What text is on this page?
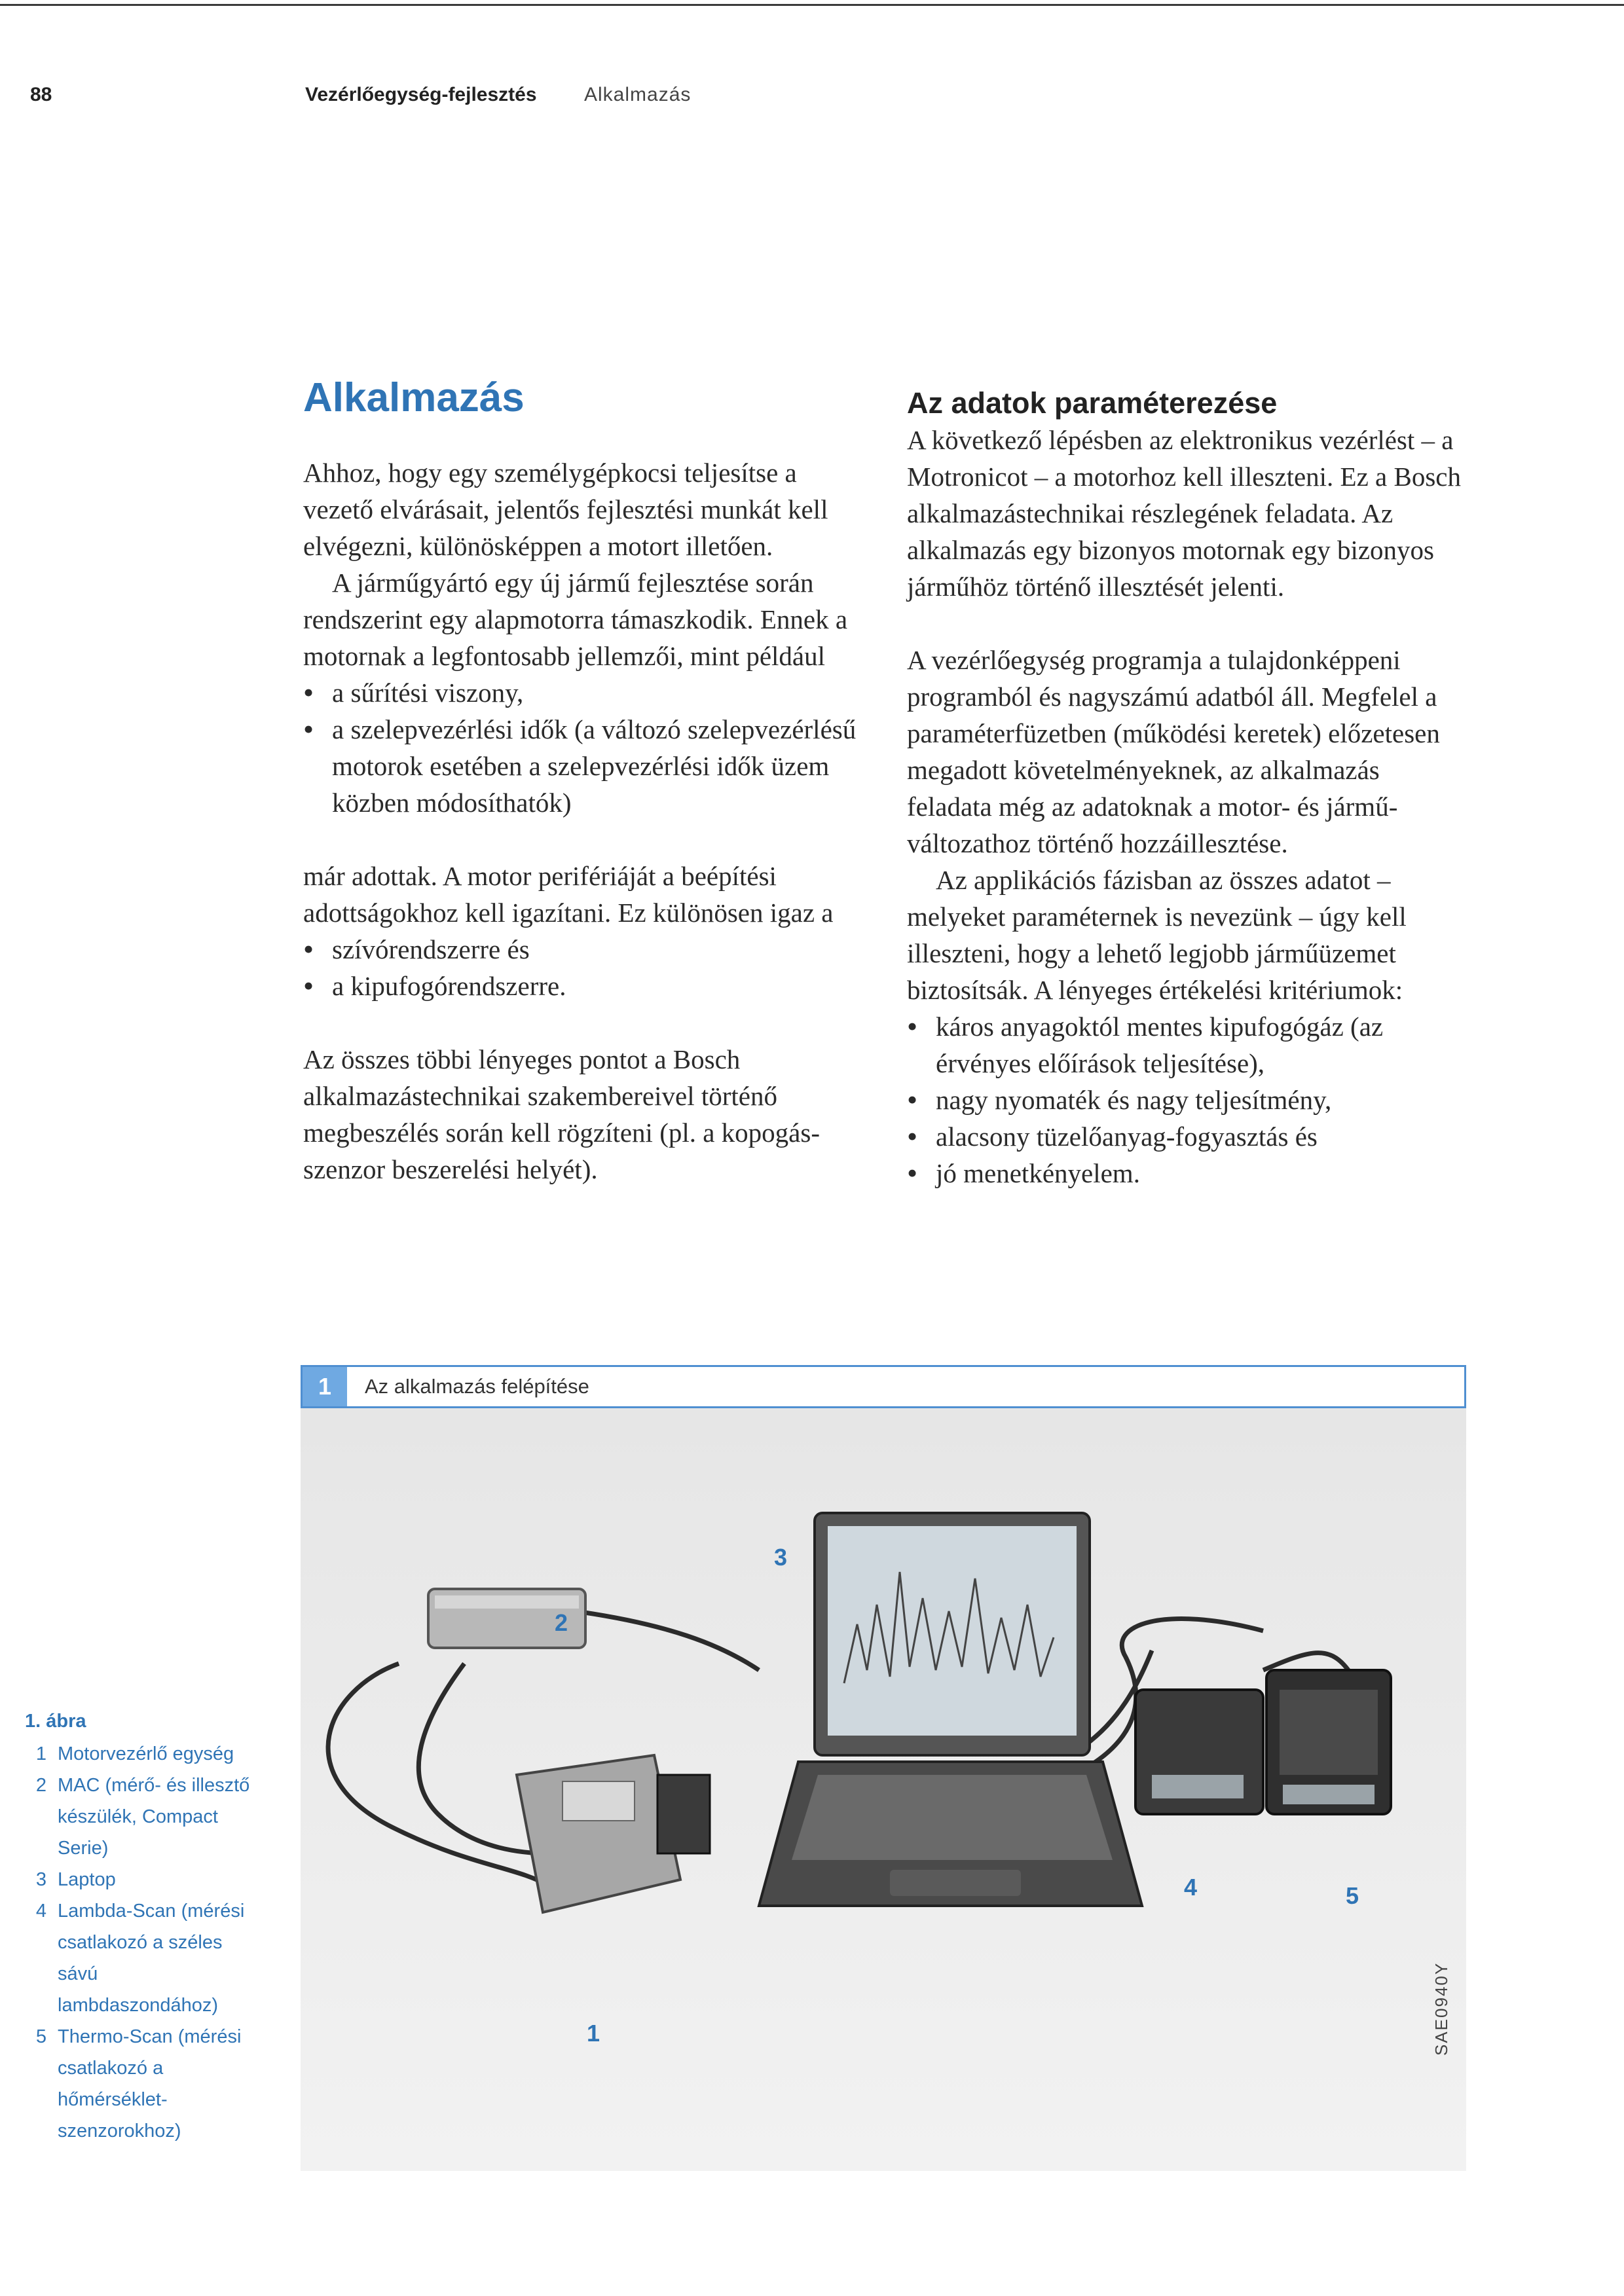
88	Vezérlőegység-fejlesztés Alkalmazás
Alkalmazás

Ahhoz, hogy egy személygépkocsi teljesítse a vezető elvárásait, jelentős fejlesztési munkát kell elvégezni, különösképpen a motort illetően.

A járműgyártó egy új jármű fejlesztése során rendszerint egy alapmotorra támaszkodik. Ennek a motornak a legfontosabb jellemzői, mint például

• a sűrítési viszony,
• a szelepvezérlési idők (a változó szelepvezérlésű motorok esetében a szelepvezérlési idők üzem közben módosíthatók)

már adottak. A motor perifériáját a beépítési adottságokhoz kell igazítani. Ez különösen igaz a

• szívórendszerre és
• a kipufogórendszerre.

Az összes többi lényeges pontot a Bosch alkalmazástechnikai szakembereivel történő megbeszélés során kell rögzíteni (pl. a kopogás-szenzor beszerelési helyét).

Az adatok paraméterezése

A következő lépésben az elektronikus vezérlést – a Motronicot – a motorhoz kell illeszteni. Ez a Bosch alkalmazástechnikai részlegének feladata. Az alkalmazás egy bizonyos motornak egy bizonyos járműhöz történő illesztését jelenti.

A vezérlőegység programja a tulajdonképpeni programból és nagyszámú adatból áll. Megfelel a paraméterfüzetben (működési keretek) előzetesen megadott követelményeknek, az alkalmazás feladata még az adatoknak a motor- és jármű-változathoz történő hozzáillesztése.

Az applikációs fázisban az összes adatot – melyeket paraméternek is nevezünk – úgy kell illeszteni, hogy a lehető legjobb járműüzemet biztosítsák. A lényeges értékelési kritériumok:

• káros anyagoktól mentes kipufogógáz (az érvényes előírások teljesítése),
• nagy nyomaték és nagy teljesítmény,
• alacsony tüzelőanyag-fogyasztás és
• jó menetkényelem.
1	Az alkalmazás felépítése
3
2
4	5
1	SAE0940Y
1. ábra
1 Motorvezérlő egység
2 MAC (mérő- és illesztő készülék, Compact Serie)
3 Laptop
4 Lambda-Scan (mérési csatlakozó a széles sávú lambdaszondához)
5 Thermo-Scan (mérési csatlakozó a hőmérséklet-szenzorokhoz)
